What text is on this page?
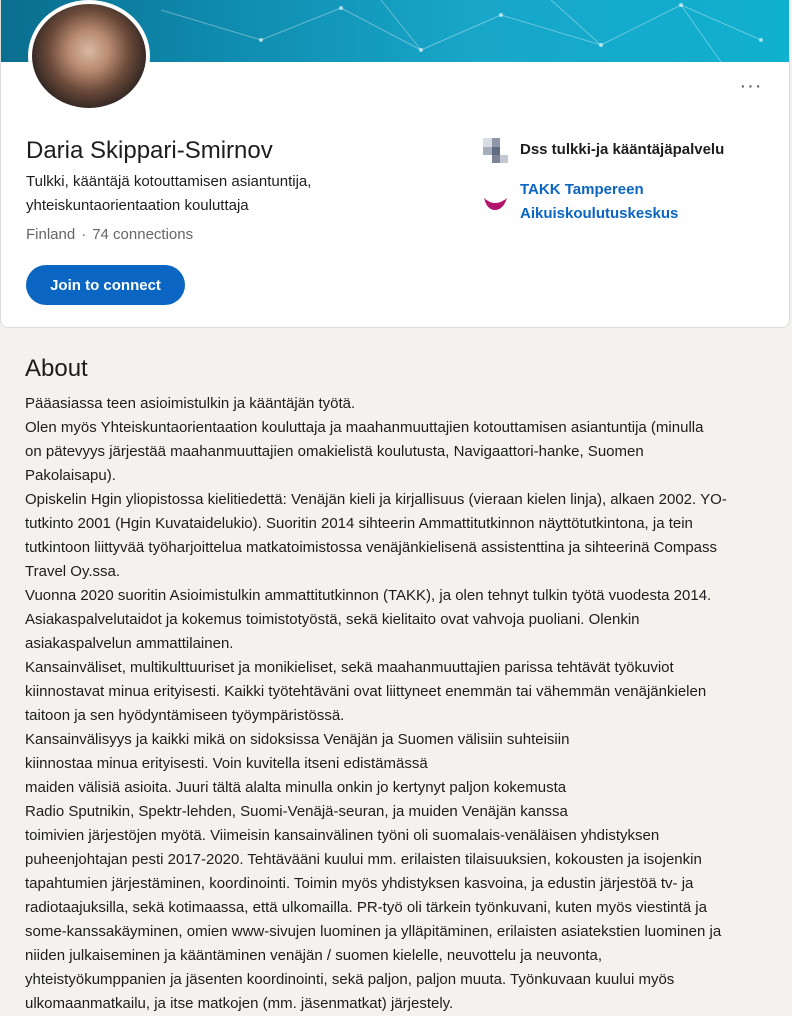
···
Daria Skippari-Smirnov
Tulkki, kääntäjä kotouttamisen asiantuntija,
yhteiskuntaorientaation kouluttaja
Finland · 74 connections
Join to connect
Dss tulkki-ja kääntäjäpalvelu
TAKK Tampereen
Aikuiskoulutuskeskus
About

Pääasiassa teen asioimistulkin ja kääntäjän työtä.

Olen myös Yhteiskuntaorientaation kouluttaja ja maahanmuuttajien kotouttamisen asiantuntija (minulla

on pätevyys järjestää maahanmuuttajien omakielistä koulutusta, Navigaattori-hanke, Suomen

Pakolaisapu).

Opiskelin Hgin yliopistossa kielitiedettä: Venäjän kieli ja kirjallisuus (vieraan kielen linja), alkaen 2002. YO-

tutkinto 2001 (Hgin Kuvataidelukio). Suoritin 2014 sihteerin Ammattitutkinnon näyttötutkintona, ja tein

tutkintoon liittyvää työharjoittelua matkatoimistossa venäjänkielisenä assistenttina ja sihteerinä Compass

Travel Oy.ssa.

Vuonna 2020 suoritin Asioimistulkin ammattitutkinnon (TAKK), ja olen tehnyt tulkin työtä vuodesta 2014.

Asiakaspalvelutaidot ja kokemus toimistotyöstä, sekä kielitaito ovat vahvoja puoliani. Olenkin

asiakaspalvelun ammattilainen.

Kansainväliset, multikulttuuriset ja monikieliset, sekä maahanmuuttajien parissa tehtävät työkuviot

kiinnostavat minua erityisesti. Kaikki työtehtäväni ovat liittyneet enemmän tai vähemmän venäjänkielen

taitoon ja sen hyödyntämiseen työympäristössä.

Kansainvälisyys ja kaikki mikä on sidoksissa Venäjän ja Suomen välisiin suhteisiin

kiinnostaa minua erityisesti. Voin kuvitella itseni edistämässä

maiden välisiä asioita. Juuri tältä alalta minulla onkin jo kertynyt paljon kokemusta

Radio Sputnikin, Spektr-lehden, Suomi-Venäjä-seuran, ja muiden Venäjän kanssa

toimivien järjestöjen myötä. Viimeisin kansainvälinen työni oli suomalais-venäläisen yhdistyksen

puheenjohtajan pesti 2017-2020. Tehtävääni kuului mm. erilaisten tilaisuuksien, kokousten ja isojenkin

tapahtumien järjestäminen, koordinointi. Toimin myös yhdistyksen kasvoina, ja edustin järjestöä tv- ja

radiotaajuksilla, sekä kotimaassa, että ulkomailla. PR-työ oli tärkein työnkuvani, kuten myös viestintä ja

some-kanssakäyminen, omien www-sivujen luominen ja ylläpitäminen, erilaisten asiatekstien luominen ja

niiden julkaiseminen ja kääntäminen venäjän / suomen kielelle, neuvottelu ja neuvonta,

yhteistyökumppanien ja jäsenten koordinointi, sekä paljon, paljon muuta. Työnkuvaan kuului myös

ulkomaanmatkailu, ja itse matkojen (mm. jäsenmatkat) järjestely.
